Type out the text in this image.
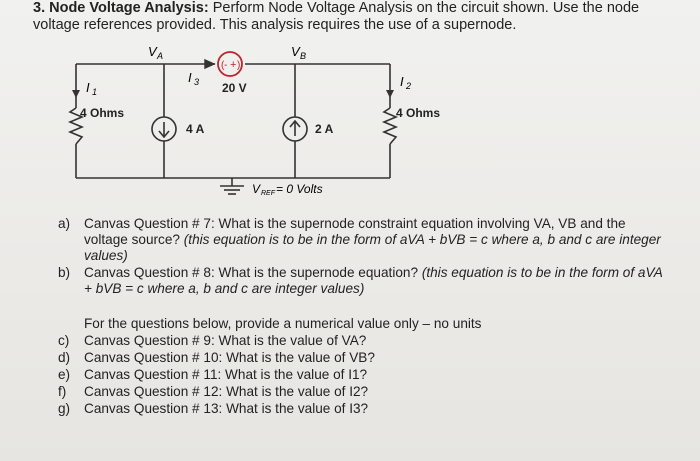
3. Node Voltage Analysis: Perform Node Voltage Analysis on the circuit shown. Use the node voltage references provided. This analysis requires the use of a supernode.
( - + )
V A	V B
I 1
I 2
I 3 20 V
4 Ohms	4 Ohms
4 A	2 A
V REF = 0 Volts
a) Canvas Question # 7: What is the supernode constraint equation involving VA, VB and the voltage source? (this equation is to be in the form of aVA + bVB = c where a, b and c are integer values)
b) Canvas Question # 8: What is the supernode equation? (this equation is to be in the form of aVA + bVB = c where a, b and c are integer values)
For the questions below, provide a numerical value only – no units
c) Canvas Question # 9: What is the value of VA?
d) Canvas Question # 10: What is the value of VB?
e) Canvas Question # 11: What is the value of I1?
f) Canvas Question # 12: What is the value of I2?
g) Canvas Question # 13: What is the value of I3?
